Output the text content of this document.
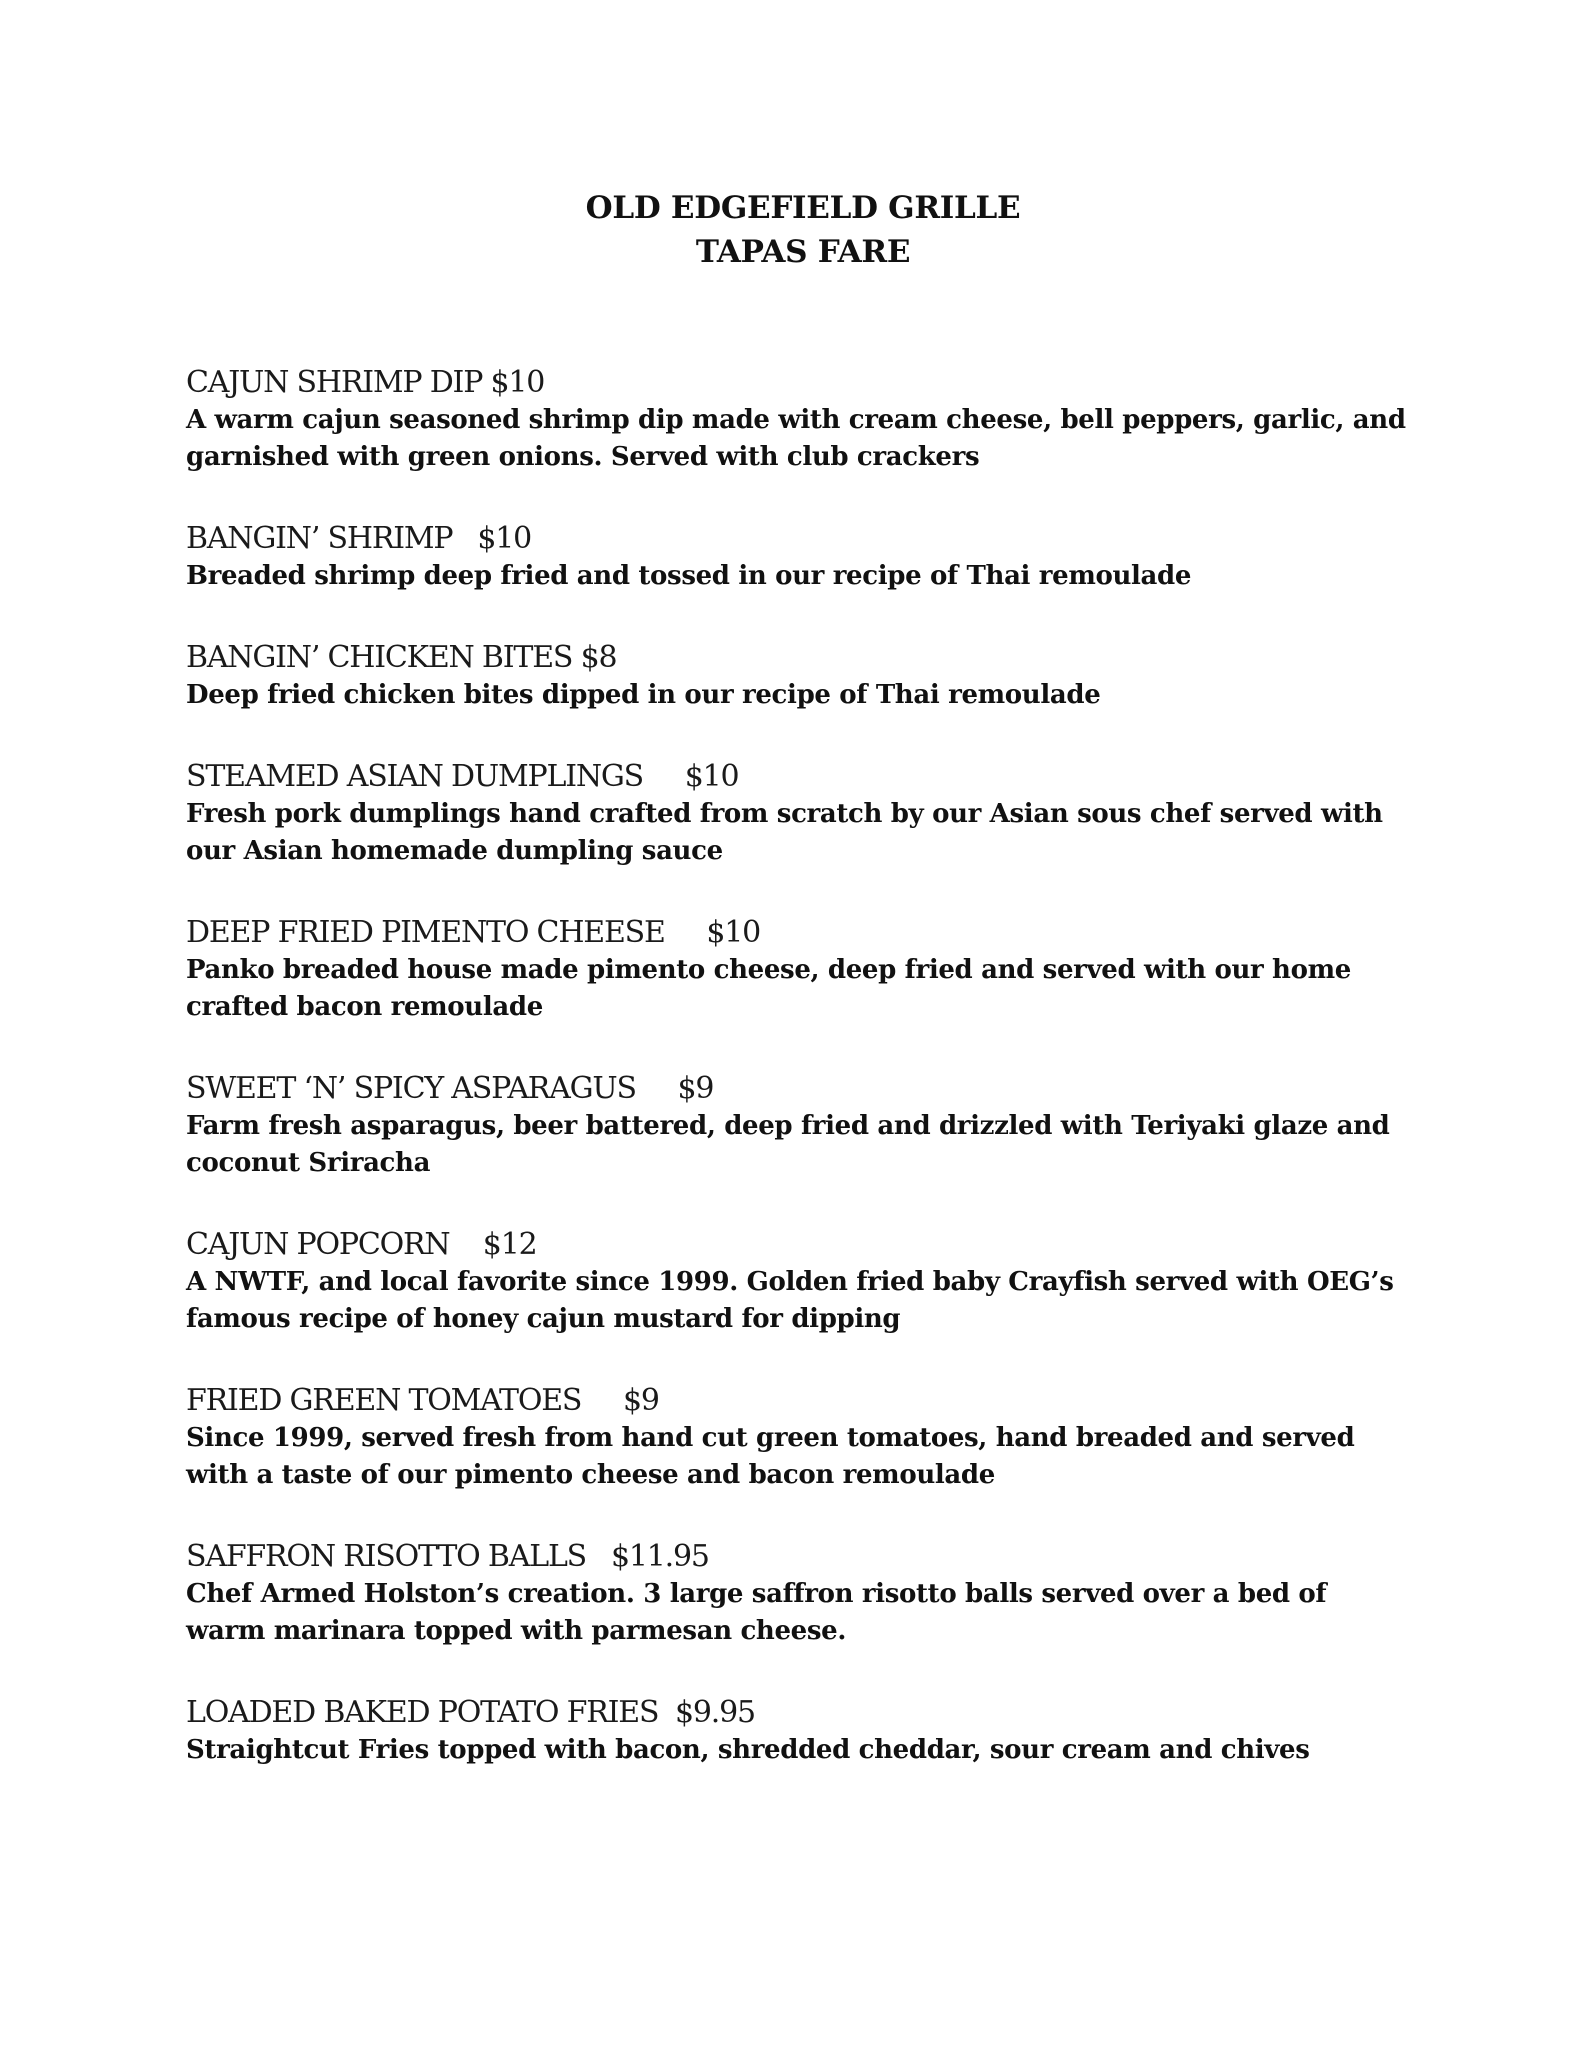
OLD EDGEFIELD GRILLE
TAPAS FARE
CAJUN SHRIMP DIP $10
A warm cajun seasoned shrimp dip made with cream cheese, bell peppers, garlic, and garnished with green onions. Served with club crackers
BANGIN’ SHRIMP   $10
Breaded shrimp deep fried and tossed in our recipe of Thai remoulade
BANGIN’ CHICKEN BITES $8
Deep fried chicken bites dipped in our recipe of Thai remoulade
STEAMED ASIAN DUMPLINGS     $10
Fresh pork dumplings hand crafted from scratch by our Asian sous chef served with our Asian homemade dumpling sauce
DEEP FRIED PIMENTO CHEESE     $10
Panko breaded house made pimento cheese, deep fried and served with our home crafted bacon remoulade
SWEET ‘N’ SPICY ASPARAGUS     $9
Farm fresh asparagus, beer battered, deep fried and drizzled with Teriyaki glaze and coconut Sriracha
CAJUN POPCORN    $12
A NWTF, and local favorite since 1999. Golden fried baby Crayfish served with OEG’s famous recipe of honey cajun mustard for dipping
FRIED GREEN TOMATOES     $9
Since 1999, served fresh from hand cut green tomatoes, hand breaded and served with a taste of our pimento cheese and bacon remoulade
SAFFRON RISOTTO BALLS   $11.95
Chef Armed Holston’s creation. 3 large saffron risotto balls served over a bed of warm marinara topped with parmesan cheese.
LOADED BAKED POTATO FRIES  $9.95
Straightcut Fries topped with bacon, shredded cheddar, sour cream and chives
